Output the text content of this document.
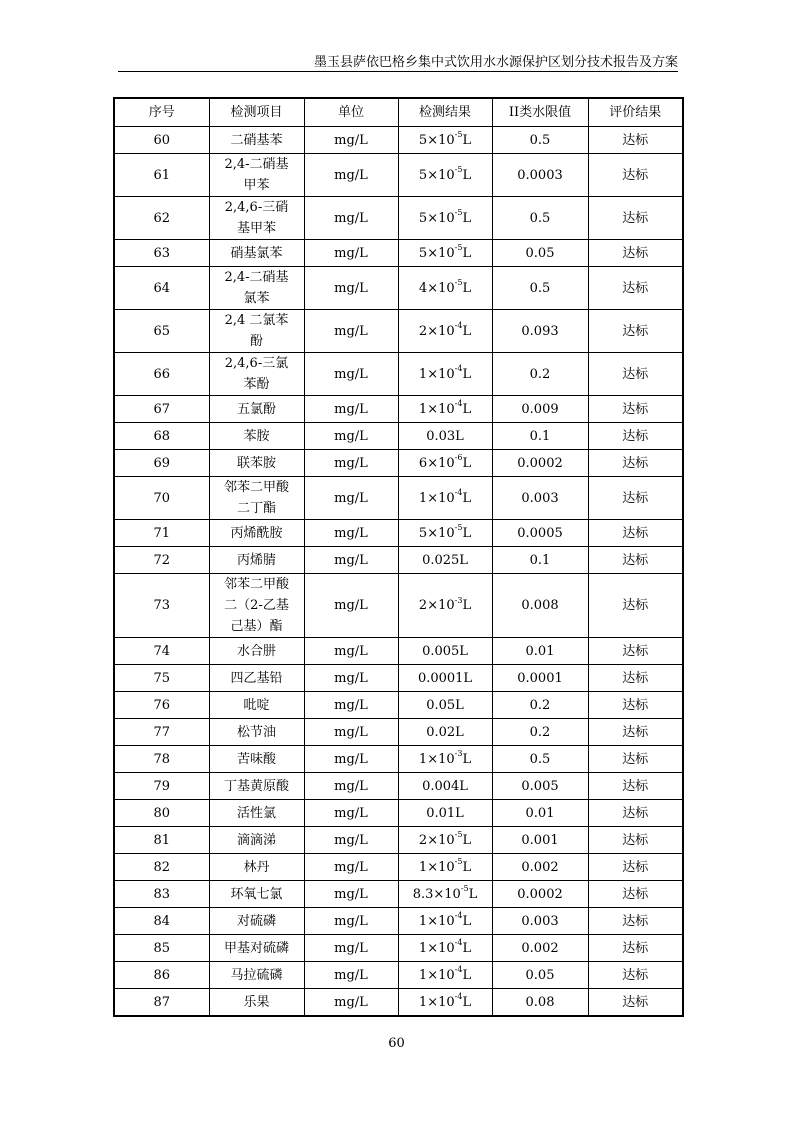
墨玉县萨依巴格乡集中式饮用水水源保护区划分技术报告及方案
序号	检测项目	单位	检测结果	II类水限值	评价结果
60	二硝基苯	mg/L	$5\times 10^{-5}L$	0.5	达标
61	2,4-二硝基甲苯	mg/L	$5\times 10^{-5}L$	0.0003	达标
62	2,4,6-三硝基甲苯	mg/L	$5\times 10^{-5}L$	0.5	达标
63	硝基氯苯	mg/L	$5\times 10^{-5}L$	0.05	达标
64	2,4-二硝基氯苯	mg/L	$4\times 10^{-5}L$	0.5	达标
65	2,4 二氯苯酚	mg/L	$2\times 10^{-4}L$	0.093	达标
66	2,4,6-三氯苯酚	mg/L	$1\times 10^{-4}L$	0.2	达标
67	五氯酚	mg/L	$1\times 10^{-4}L$	0.009	达标
68	苯胺	mg/L	0.03L	0.1	达标
69	联苯胺	mg/L	$6\times 10^{-6}L$	0.0002	达标
70	邻苯二甲酸二丁酯	mg/L	$1\times 10^{-4}L$	0.003	达标
71	丙烯酰胺	mg/L	$5\times 10^{-5}L$	0.0005	达标
72	丙烯腈	mg/L	0.025L	0.1	达标
73	邻苯二甲酸二（2-乙基己基）酯	mg/L	$2\times 10^{-3}L$	0.008	达标
74	水合肼	mg/L	0.005L	0.01	达标
75	四乙基铅	mg/L	0.0001L	0.0001	达标
76	吡啶	mg/L	0.05L	0.2	达标
77	松节油	mg/L	0.02L	0.2	达标
78	苦味酸	mg/L	$1\times 10^{-3}L$	0.5	达标
79	丁基黄原酸	mg/L	0.004L	0.005	达标
80	活性氯	mg/L	0.01L	0.01	达标
81	滴滴涕	mg/L	$2\times 10^{-5}L$	0.001	达标
82	林丹	mg/L	$1\times 10^{-5}L$	0.002	达标
83	环氧七氯	mg/L	$8.3\times 10^{-5}L$	0.0002	达标
84	对硫磷	mg/L	$1\times 10^{-4}L$	0.003	达标
85	甲基对硫磷	mg/L	$1\times 10^{-4}L$	0.002	达标
86	马拉硫磷	mg/L	$1\times 10^{-4}L$	0.05	达标
87	乐果	mg/L	$1\times 10^{-4}L$	0.08	达标
60
